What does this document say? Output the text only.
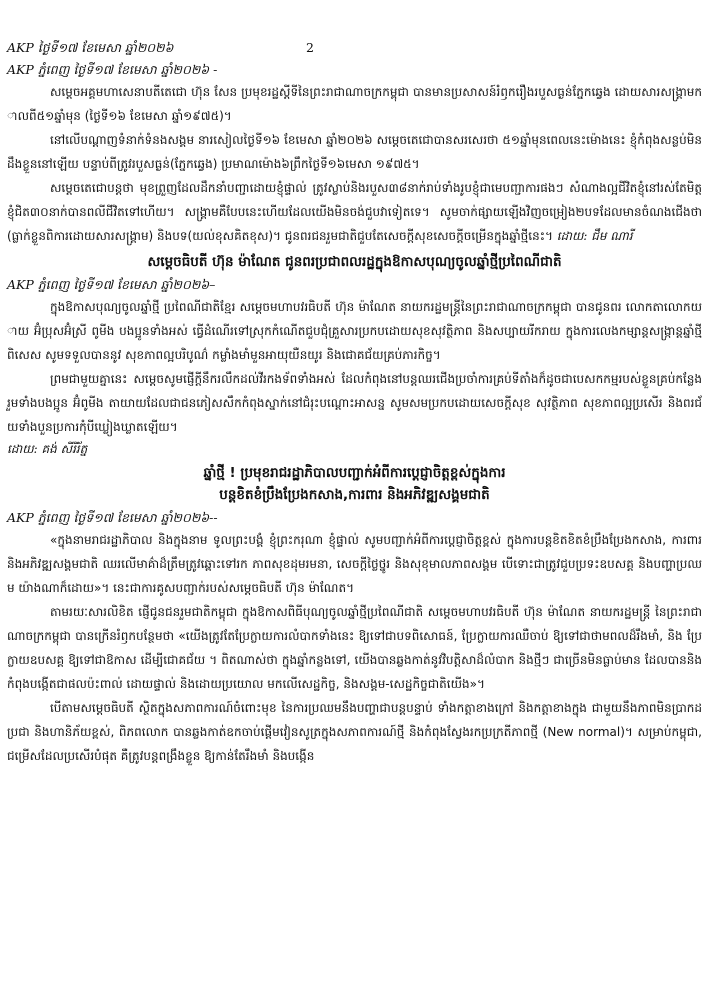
AKP ថ្ងៃទី១៧ ខែមេសា ឆ្នាំ២០២៦	2
AKP ភ្នំពេញ ថ្ងៃទី១៧ ខែមេសា ឆ្នាំ២០២៦ -

សម្តេចអគ្គមហាសេនាបតីតេជោ ហ៊ុន សែន ប្រមុខរដ្ឋស្តីទីនៃព្រះរាជាណាចក្រកម្ពុជា បានមានប្រសាសន៍រំឭករឿងរបួសធ្ងន់ភ្នែកឆ្វេង ដោយសារសង្គ្រាមកាលពី៥១ឆ្នាំមុន (ថ្ងៃទី១៦ ខែមេសា ឆ្នាំ១៩៧៥)។

នៅលើបណ្តាញទំនាក់ទំនងសង្គម នារសៀលថ្ងៃទី១៦ ខែមេសា ឆ្នាំ២០២៦ សម្តេចតេជោបានសរសេរថា ៥១ឆ្នាំមុនពេលនេះម៉ោងនេះ ខ្ញុំកំពុងសន្លប់មិនដឹងខ្លួននៅឡើយ បន្ទាប់ពីត្រូវរបួសធ្ងន់(ភ្នែកឆ្វេង) ប្រមាណម៉ោង៦ព្រឹកថ្ងៃទី១៦មេសា ១៩៧៥។

សម្តេចតេជោបន្តថា មុខព្រួញដែលដឹកនាំបញ្ជាដោយខ្ញុំផ្ទាល់ ត្រូវស្លាប់និងរបួស៣៨នាក់រាប់ទាំងរូបខ្ញុំជាមេបញ្ជាការផងៗ សំណាងល្អជីវិតខ្ញុំនៅរស់តែមិត្តខ្ញុំជិត៣០នាក់បានពលីជីវិតទៅហើយ។ សង្គ្រាមគឺបែបនេះហើយដែលយើងមិនចង់ជួបវាទៀតទេ។ សូមចាក់ផ្សាយឡើងវិញចម្រៀង២បទដែលមានចំណងជើងថា (ធ្លាក់ខ្លួនពិការដោយសារសង្គ្រាម) និងបទ(យល់ខុសគិតខុស)។ ជូនពរជនរួមជាតិជួបតែសេចក្តីសុខសេចក្តីចម្រើនក្នុងឆ្នាំថ្មីនេះ។ ដោយ: ជឹម ណារី

សម្តេចធិបតី ហ៊ុន ម៉ាណែត ជូនពរប្រជាពលរដ្ឋក្នុងឱកាសបុណ្យចូលឆ្នាំថ្មីប្រពៃណីជាតិ
AKP ភ្នំពេញ ថ្ងៃទី១៧ ខែមេសា ឆ្នាំ២០២៦–

ក្នុងឱកាសបុណ្យចូលឆ្នាំថ្មី ប្រពៃណីជាតិខ្មែរ សម្តេចមហាបវរធិបតី ហ៊ុន ម៉ាណែត នាយករដ្ឋមន្ត្រីនៃព្រះរាជាណាចក្រកម្ពុជា បានជូនពរ លោកតាលោកយាយ អ៊ំប្រុសអ៊ំស្រី ពូមីង បងប្អូនទាំងអស់ ធ្វើដំណើរទៅស្រុកកំណើតជួបជុំគ្រួសារប្រកបដោយសុខសុវត្ថិភាព និងសប្បាយរីករាយ ក្នុងការលេងកម្សាន្តសង្ក្រាន្តឆ្នាំថ្មី ពិសេស សូមទទួលបាននូវ សុខភាពល្អបរិបូណ៌ កម្លាំងមាំមួនអាយុយឺនយូរ និងជោគជ័យគ្រប់ភារកិច្ច។

ព្រមជាមួយគ្នានេះ សម្តេចសូមផ្ញើក្តីនឹករលឹកដល់វីរកងទ័ពទាំងអស់ ដែលកំពុងនៅបន្តឈរជើងប្រចាំការគ្រប់ទីតាំងក៏ដូចជាបេសកកម្មរបស់ខ្លួនគ្រប់កន្លែង រួមទាំងបងប្អូន អ៊ំពូមីង តាយាយដែលជាជនភៀសសឹកកំពុងស្នាក់នៅជំរុះបណ្តោះអាសន្ន សូមសមប្រកបដោយសេចក្តីសុខ សុវត្ថិភាព សុខភាពល្អប្រសើរ និងពរជ័យទាំងបួនប្រការកុំបីឃ្លៀងឃ្លាតឡើយ។

ដោយ: គង់ សីរីរ័ត្ន

ឆ្នាំថ្មី ! ប្រមុខរាជរដ្ឋាភិបាលបញ្ជាក់អំពីការប្តេជ្ញាចិត្តខ្ពស់ក្នុងការ
បន្តខិតខំប្រឹងប្រែងកសាង,ការពារ និងអភិវឌ្ឍសង្គមជាតិ
AKP ភ្នំពេញ ថ្ងៃទី១៧ ខែមេសា ឆ្នាំ២០២៦--

«ក្នុងនាមរាជរដ្ឋាភិបាល និងក្នុងនាម ទូលព្រះបង្គំ ខ្ញុំព្រះករុណា ខ្ញុំផ្ទាល់ សូមបញ្ជាក់អំពីការប្តេជ្ញាចិត្តខ្ពស់ ក្នុងការបន្តខិតខិតខំប្រឹងប្រែងកសាង, ការពារ និងអភិវឌ្ឍសង្គមជាតិ ឈរលើមាគ៌ាដ៏ត្រឹមត្រូវឆ្ពោះទៅរក ភាពសុខដុមរមនា, សេចក្តីថ្លៃថ្នូរ និងសុខុមាលភាពសង្គម បើទោះជាត្រូវជួបប្រទះឧបសគ្គ និងបញ្ហាប្រឈម យ៉ាងណាក៏ដោយ»។ នេះជាការគូសបញ្ជាក់របស់សម្តេចធិបតី ហ៊ុន ម៉ាណែត។

តាមរយៈសារលិខិត ផ្ញើជូនជនរួមជាតិកម្ពុជា ក្នុងឱកាសពិធីបុណ្យចូលឆ្នាំថ្មីប្រពៃណីជាតិ សម្តេចមហាបវរធិបតី ហ៊ុន ម៉ាណែត នាយករដ្ឋមន្ត្រី នៃព្រះរាជាណាចក្រកម្ពុជា បានក្រើនរំឭកបន្ថែមថា «យើងត្រូវតែប្រែក្លាយការលំបាកទាំងនេះ ឱ្យទៅជាបទពិសោធន៍, ប្រែក្លាយការឈឺចាប់ ឱ្យទៅជាថាមពលដ៏រឹងមាំ, និង ប្រែក្លាយឧបសគ្គ ឱ្យទៅជាឱកាស ដើម្បីជោគជ័យ ។ ពិតណាស់ថា ក្នុងឆ្នាំកន្លងទៅ, យើងបានឆ្លងកាត់នូវវិបត្តិសាដ៏លំបាក និងថ្មីៗ ជាច្រើនមិនធ្លាប់មាន ដែលបាននិងកំពុងបង្កើតជាផលប៉ះពាល់ ដោយផ្ទាល់ និងដោយប្រយោល មកលើសេដ្ឋកិច្ច, និងសង្គម-សេដ្ឋកិច្ចជាតិយើង»។

បើតាមសម្តេចធិបតី ស្ថិតក្នុងសភាពការណ៍ចំពោះមុខ នៃការប្រឈមនឹងបញ្ហាជាបន្តបន្ទាប់ ទាំងកត្តាខាងក្រៅ និងកត្តាខាងក្នុង ជាមួយនឹងភាពមិនប្រាកដប្រជា និងហានិភ័យខ្ពស់, ពិភពលោក បានឆ្លងកាត់ឧកចាប់ផ្ដើមវៀនសូត្រក្នុងសភាពការណ៍ថ្មី និងកំពុងស្វែងរកប្រក្រតីភាពថ្មី (New normal)។ សម្រាប់កម្ពុជា, ជម្រើសដែលប្រសើរបំផុត គឺត្រូវបន្តពង្រឹងខ្លួន ឱ្យកាន់តែរឹងមាំ និងបង្កើន
